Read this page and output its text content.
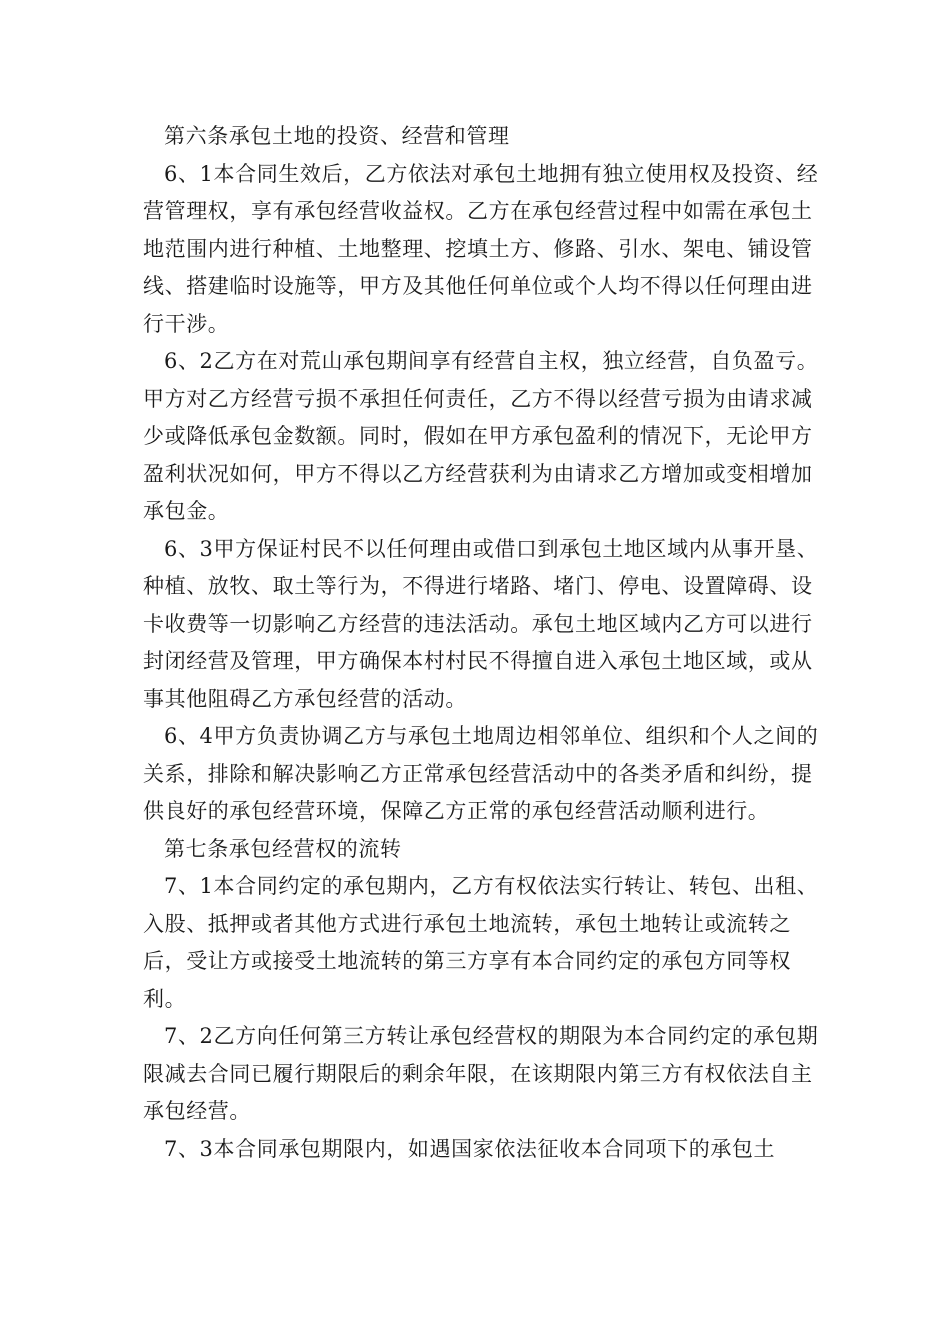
第六条承包土地的投资、经营和管理

6、1本合同生效后，乙方依法对承包土地拥有独立使用权及投资、经营管理权，享有承包经营收益权。乙方在承包经营过程中如需在承包土地范围内进行种植、土地整理、挖填土方、修路、引水、架电、铺设管线、搭建临时设施等，甲方及其他任何单位或个人均不得以任何理由进行干涉。

6、2乙方在对荒山承包期间享有经营自主权，独立经营，自负盈亏。甲方对乙方经营亏损不承担任何责任，乙方不得以经营亏损为由请求减少或降低承包金数额。同时，假如在甲方承包盈利的情况下，无论甲方盈利状况如何，甲方不得以乙方经营获利为由请求乙方增加或变相增加承包金。

6、3甲方保证村民不以任何理由或借口到承包土地区域内从事开垦、种植、放牧、取土等行为，不得进行堵路、堵门、停电、设置障碍、设卡收费等一切影响乙方经营的违法活动。承包土地区域内乙方可以进行封闭经营及管理，甲方确保本村村民不得擅自进入承包土地区域，或从事其他阻碍乙方承包经营的活动。

6、4甲方负责协调乙方与承包土地周边相邻单位、组织和个人之间的关系，排除和解决影响乙方正常承包经营活动中的各类矛盾和纠纷，提供良好的承包经营环境，保障乙方正常的承包经营活动顺利进行。

第七条承包经营权的流转

7、1本合同约定的承包期内，乙方有权依法实行转让、转包、出租、入股、抵押或者其他方式进行承包土地流转，承包土地转让或流转之后，受让方或接受土地流转的第三方享有本合同约定的承包方同等权利。

7、2乙方向任何第三方转让承包经营权的期限为本合同约定的承包期限减去合同已履行期限后的剩余年限，在该期限内第三方有权依法自主承包经营。

7、3本合同承包期限内，如遇国家依法征收本合同项下的承包土
